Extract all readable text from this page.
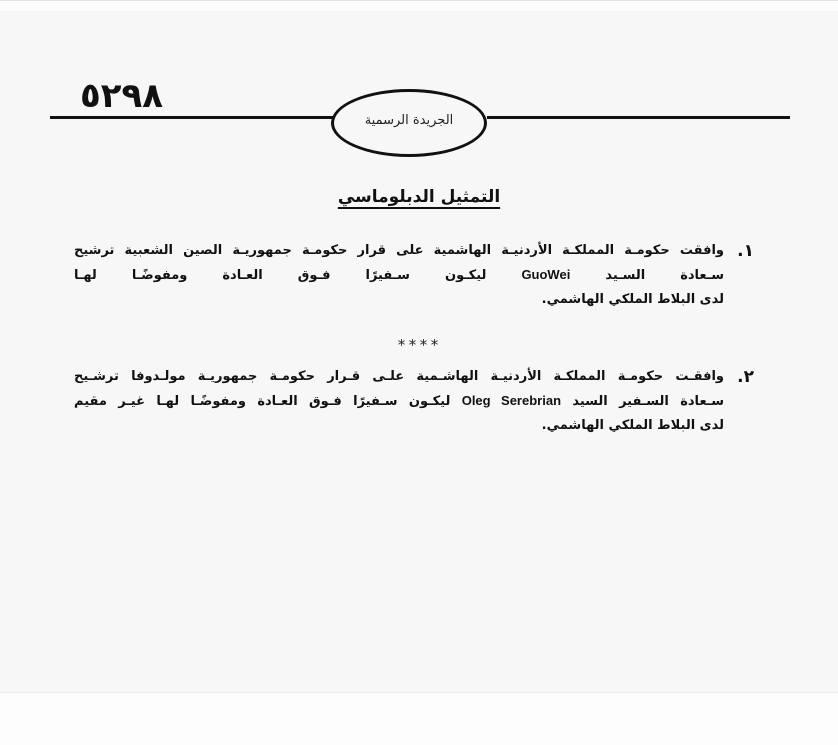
٥٢٩٨
الجريدة الرسمية
التمثيل الدبلوماسي
١.
وافقت حكومـة المملكـة الأردنيـة الهاشمية على قرار حكومـة جمهوريـة الصين الشعبية ترشيح
سـعادة السـيد GuoWei ليكـون سـفيرًا فـوق العـادة ومفوضًـا لهـا
لدى البلاط الملكي الهاشمي.
****
٢.
وافقـت حكومـة المملكـة الأردنيـة الهاشـمية علـى قـرار حكومـة جمهوريـة مولـدوفا ترشـيح
سـعادة السـفير السيد Oleg Serebrian ليكـون سـفيرًا فـوق العـادة ومفوضًـا لهـا غيـر مقيم
لدى البلاط الملكي الهاشمي.
